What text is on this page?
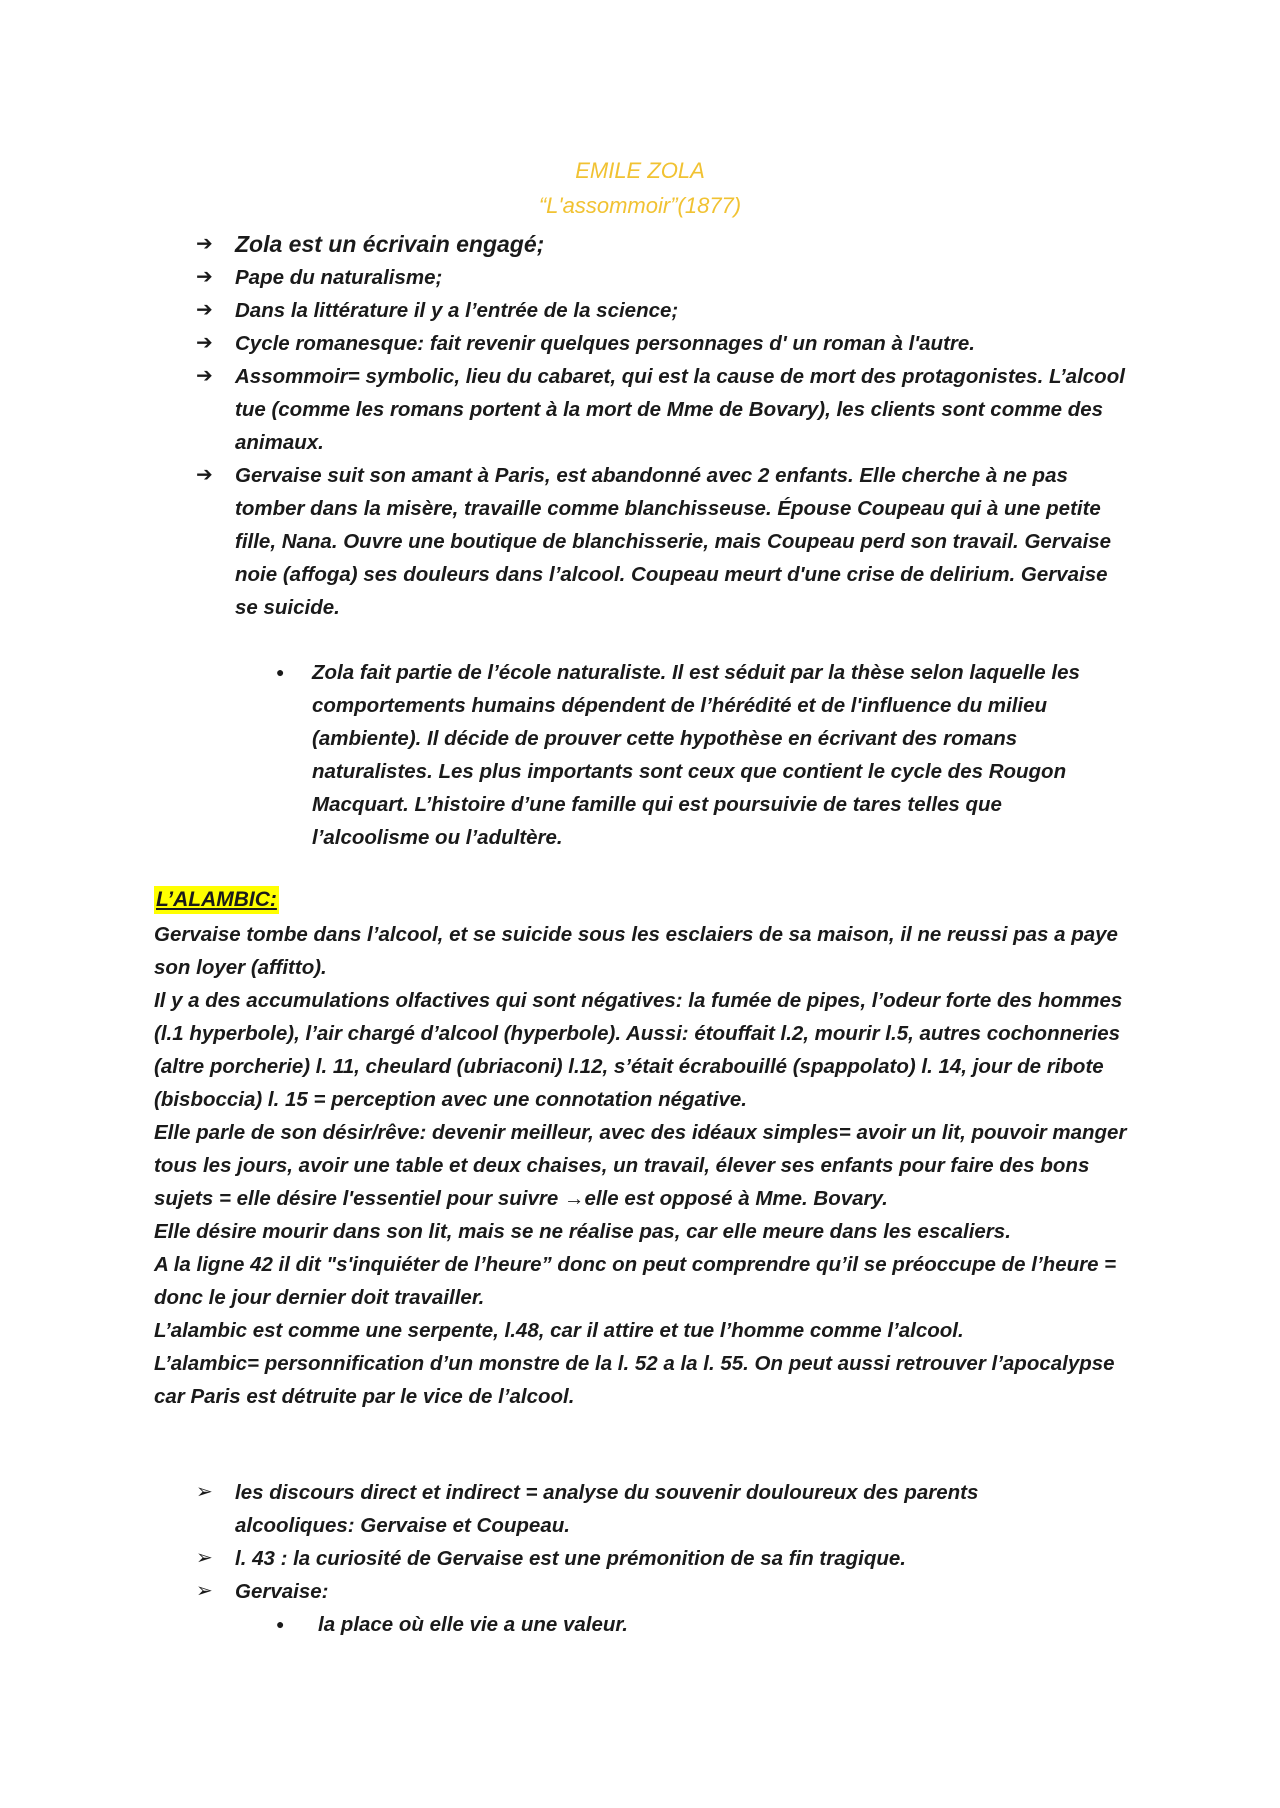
EMILE ZOLA
“L'assommoir”(1877)
➔ Zola est un écrivain engagé;
➔ Pape du naturalisme;
➔ Dans la littérature il y a l’entrée de la science;
➔ Cycle romanesque: fait revenir quelques personnages d' un roman à l'autre.
➔ Assommoir= symbolic, lieu du cabaret, qui est la cause de mort des protagonistes. L’alcool tue (comme les romans portent à la mort de Mme de Bovary), les clients sont comme des animaux.
➔ Gervaise suit son amant à Paris, est abandonné avec 2 enfants. Elle cherche à ne pas tomber dans la misère, travaille comme blanchisseuse. Épouse Coupeau qui à une petite fille, Nana. Ouvre une boutique de blanchisserie, mais Coupeau perd son travail. Gervaise noie (affoga) ses douleurs dans l’alcool. Coupeau meurt d'une crise de delirium. Gervaise se suicide.
● Zola fait partie de l’école naturaliste. Il est séduit par la thèse selon laquelle les comportements humains dépendent de l’hérédité et de l'influence du milieu (ambiente). Il décide de prouver cette hypothèse en écrivant des romans naturalistes. Les plus importants sont ceux que contient le cycle des Rougon Macquart. L’histoire d’une famille qui est poursuivie de tares telles que l’alcoolisme ou l’adultère.
L’ALAMBIC:

Gervaise tombe dans l’alcool, et se suicide sous les esclaiers de sa maison, il ne reussi pas a paye son loyer (affitto).

Il y a des accumulations olfactives qui sont négatives: la fumée de pipes, l’odeur forte des hommes (l.1 hyperbole), l’air chargé d’alcool (hyperbole). Aussi: étouffait l.2, mourir l.5, autres cochonneries (altre porcherie) l. 11, cheulard (ubriaconi) l.12, s’était écrabouillé (spappolato) l. 14, jour de ribote (bisboccia) l. 15 = perception avec une connotation négative.

Elle parle de son désir/rêve: devenir meilleur, avec des idéaux simples= avoir un lit, pouvoir manger tous les jours, avoir une table et deux chaises, un travail, élever ses enfants pour faire des bons sujets = elle désire l'essentiel pour suivre →elle est opposé à Mme. Bovary.

Elle désire mourir dans son lit, mais se ne réalise pas, car elle meure dans les escaliers.

A la ligne 42 il dit "s'inquiéter de l’heure” donc on peut comprendre qu’il se préoccupe de l’heure = donc le jour dernier doit travailler.

L’alambic est comme une serpente, l.48, car il attire et tue l’homme comme l’alcool.

L’alambic= personnification d’un monstre de la l. 52 a la l. 55. On peut aussi retrouver l’apocalypse car Paris est détruite par le vice de l’alcool.

➢ les discours direct et indirect = analyse du souvenir douloureux des parents alcooliques: Gervaise et Coupeau.
➢ l. 43 : la curiosité de Gervaise est une prémonition de sa fin tragique.
➢ Gervaise:
● la place où elle vie a une valeur.
